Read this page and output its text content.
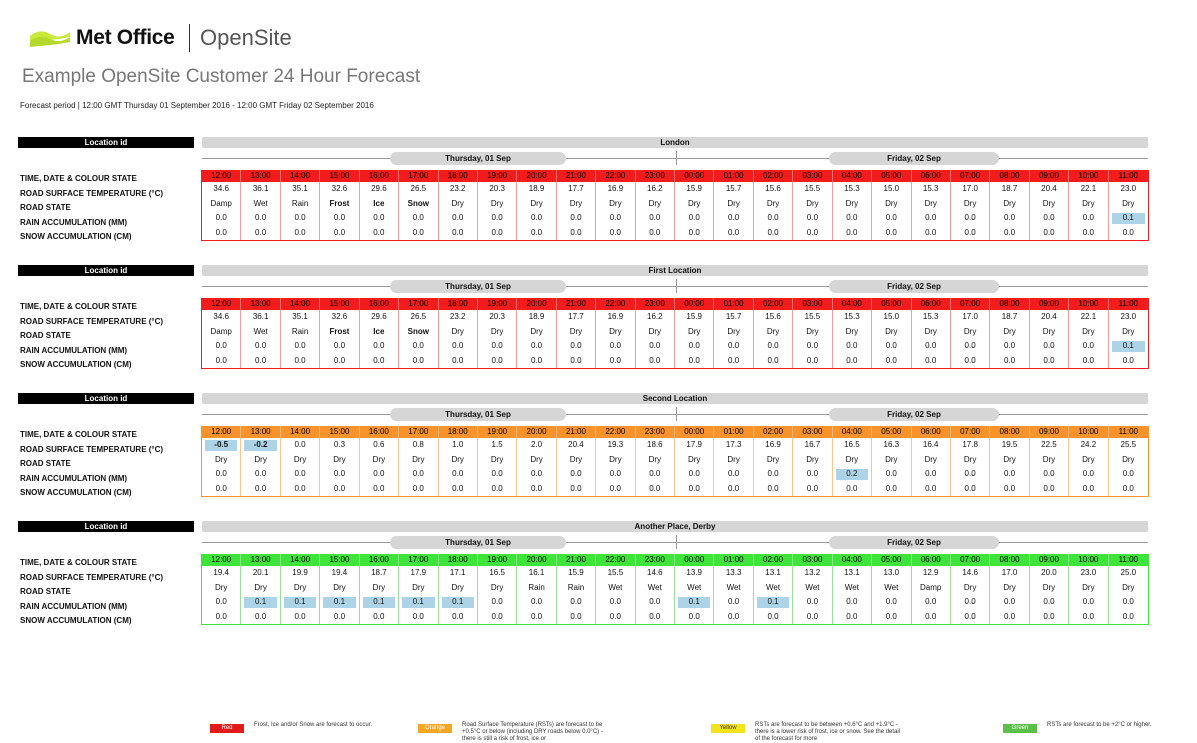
Met Office OpenSite
Example OpenSite Customer 24 Hour Forecast
Forecast period | 12:00 GMT Thursday 01 September 2016 - 12:00 GMT Friday 02 September 2016
Location id	London
Thursday, 01 Sep	Friday, 02 Sep
TIME, DATE & COLOUR STATE
ROAD SURFACE TEMPERATURE (°C)
ROAD STATE
RAIN ACCUMULATION (MM)
SNOW ACCUMULATION (CM)
12:00	13:00	14:00	15:00	16:00	17:00	18:00	19:00	20:00	21:00	22:00	23:00	00:00	01:00	02:00	03:00	04:00	05:00	06:00	07:00	08:00	09:00	10:00	11:00
34.6	36.1	35.1	32.6	29.6	26.5	23.2	20.3	18.9	17.7	16.9	16.2	15.9	15.7	15.6	15.5	15.3	15.0	15.3	17.0	18.7	20.4	22.1	23.0
Damp	Wet	Rain	Frost	Ice	Snow	Dry	Dry	Dry	Dry	Dry	Dry	Dry	Dry	Dry	Dry	Dry	Dry	Dry	Dry	Dry	Dry	Dry	Dry
0.0	0.0	0.0	0.0	0.0	0.0	0.0	0.0	0.0	0.0	0.0	0.0	0.0	0.0	0.0	0.0	0.0	0.0	0.0	0.0	0.0	0.0	0.0	0.1
0.0	0.0	0.0	0.0	0.0	0.0	0.0	0.0	0.0	0.0	0.0	0.0	0.0	0.0	0.0	0.0	0.0	0.0	0.0	0.0	0.0	0.0	0.0	0.0
Location id	First Location
Thursday, 01 Sep	Friday, 02 Sep
TIME, DATE & COLOUR STATE
ROAD SURFACE TEMPERATURE (°C)
ROAD STATE
RAIN ACCUMULATION (MM)
SNOW ACCUMULATION (CM)
12:00	13:00	14:00	15:00	16:00	17:00	18:00	19:00	20:00	21:00	22:00	23:00	00:00	01:00	02:00	03:00	04:00	05:00	06:00	07:00	08:00	09:00	10:00	11:00
34.6	36.1	35.1	32.6	29.6	26.5	23.2	20.3	18.9	17.7	16.9	16.2	15.9	15.7	15.6	15.5	15.3	15.0	15.3	17.0	18.7	20.4	22.1	23.0
Damp	Wet	Rain	Frost	Ice	Snow	Dry	Dry	Dry	Dry	Dry	Dry	Dry	Dry	Dry	Dry	Dry	Dry	Dry	Dry	Dry	Dry	Dry	Dry
0.0	0.0	0.0	0.0	0.0	0.0	0.0	0.0	0.0	0.0	0.0	0.0	0.0	0.0	0.0	0.0	0.0	0.0	0.0	0.0	0.0	0.0	0.0	0.1
0.0	0.0	0.0	0.0	0.0	0.0	0.0	0.0	0.0	0.0	0.0	0.0	0.0	0.0	0.0	0.0	0.0	0.0	0.0	0.0	0.0	0.0	0.0	0.0
Location id	Second Location
Thursday, 01 Sep	Friday, 02 Sep
TIME, DATE & COLOUR STATE
ROAD SURFACE TEMPERATURE (°C)
ROAD STATE
RAIN ACCUMULATION (MM)
SNOW ACCUMULATION (CM)
12:00	13:00	14:00	15:00	16:00	17:00	18:00	19:00	20:00	21:00	22:00	23:00	00:00	01:00	02:00	03:00	04:00	05:00	06:00	07:00	08:00	09:00	10:00	11:00
-0.5	-0.2	0.0	0.3	0.6	0.8	1.0	1.5	2.0	20.4	19.3	18.6	17.9	17.3	16.9	16.7	16.5	16.3	16.4	17.8	19.5	22.5	24.2	25.5
Dry	Dry	Dry	Dry	Dry	Dry	Dry	Dry	Dry	Dry	Dry	Dry	Dry	Dry	Dry	Dry	Dry	Dry	Dry	Dry	Dry	Dry	Dry	Dry
0.0	0.0	0.0	0.0	0.0	0.0	0.0	0.0	0.0	0.0	0.0	0.0	0.0	0.0	0.0	0.0	0.2	0.0	0.0	0.0	0.0	0.0	0.0	0.0
0.0	0.0	0.0	0.0	0.0	0.0	0.0	0.0	0.0	0.0	0.0	0.0	0.0	0.0	0.0	0.0	0.0	0.0	0.0	0.0	0.0	0.0	0.0	0.0
Location id	Another Place, Derby
Thursday, 01 Sep	Friday, 02 Sep
TIME, DATE & COLOUR STATE
ROAD SURFACE TEMPERATURE (°C)
ROAD STATE
RAIN ACCUMULATION (MM)
SNOW ACCUMULATION (CM)
12:00	13:00	14:00	15:00	16:00	17:00	18:00	19:00	20:00	21:00	22:00	23:00	00:00	01:00	02:00	03:00	04:00	05:00	06:00	07:00	08:00	09:00	10:00	11:00
19.4	20.1	19.9	19.4	18.7	17.9	17.1	16.5	16.1	15.9	15.5	14.6	13.9	13.3	13.1	13.2	13.1	13.0	12.9	14.6	17.0	20.0	23.0	25.0
Dry	Dry	Dry	Dry	Dry	Dry	Dry	Dry	Rain	Rain	Wet	Wet	Wet	Wet	Wet	Wet	Wet	Wet	Damp	Dry	Dry	Dry	Dry	Dry
0.0	0.1	0.1	0.1	0.1	0.1	0.1	0.0	0.0	0.0	0.0	0.0	0.1	0.0	0.1	0.0	0.0	0.0	0.0	0.0	0.0	0.0	0.0	0.0
0.0	0.0	0.0	0.0	0.0	0.0	0.0	0.0	0.0	0.0	0.0	0.0	0.0	0.0	0.0	0.0	0.0	0.0	0.0	0.0	0.0	0.0	0.0	0.0
Red	Frost, Ice and/or Snow are forecast to occur.	Orange	Road Surface Temperature (RSTs) are forecast to be +0.5°C or below (including DRY roads below 0.0°C) - there is still a risk of frost, ice or
Yellow	RSTs are forecast to be between +0.6°C and +1.9°C - there is a lower risk of frost, ice or snow. See the detail of the forecast for more
Green	RSTs are forecast to be +2°C or higher.
